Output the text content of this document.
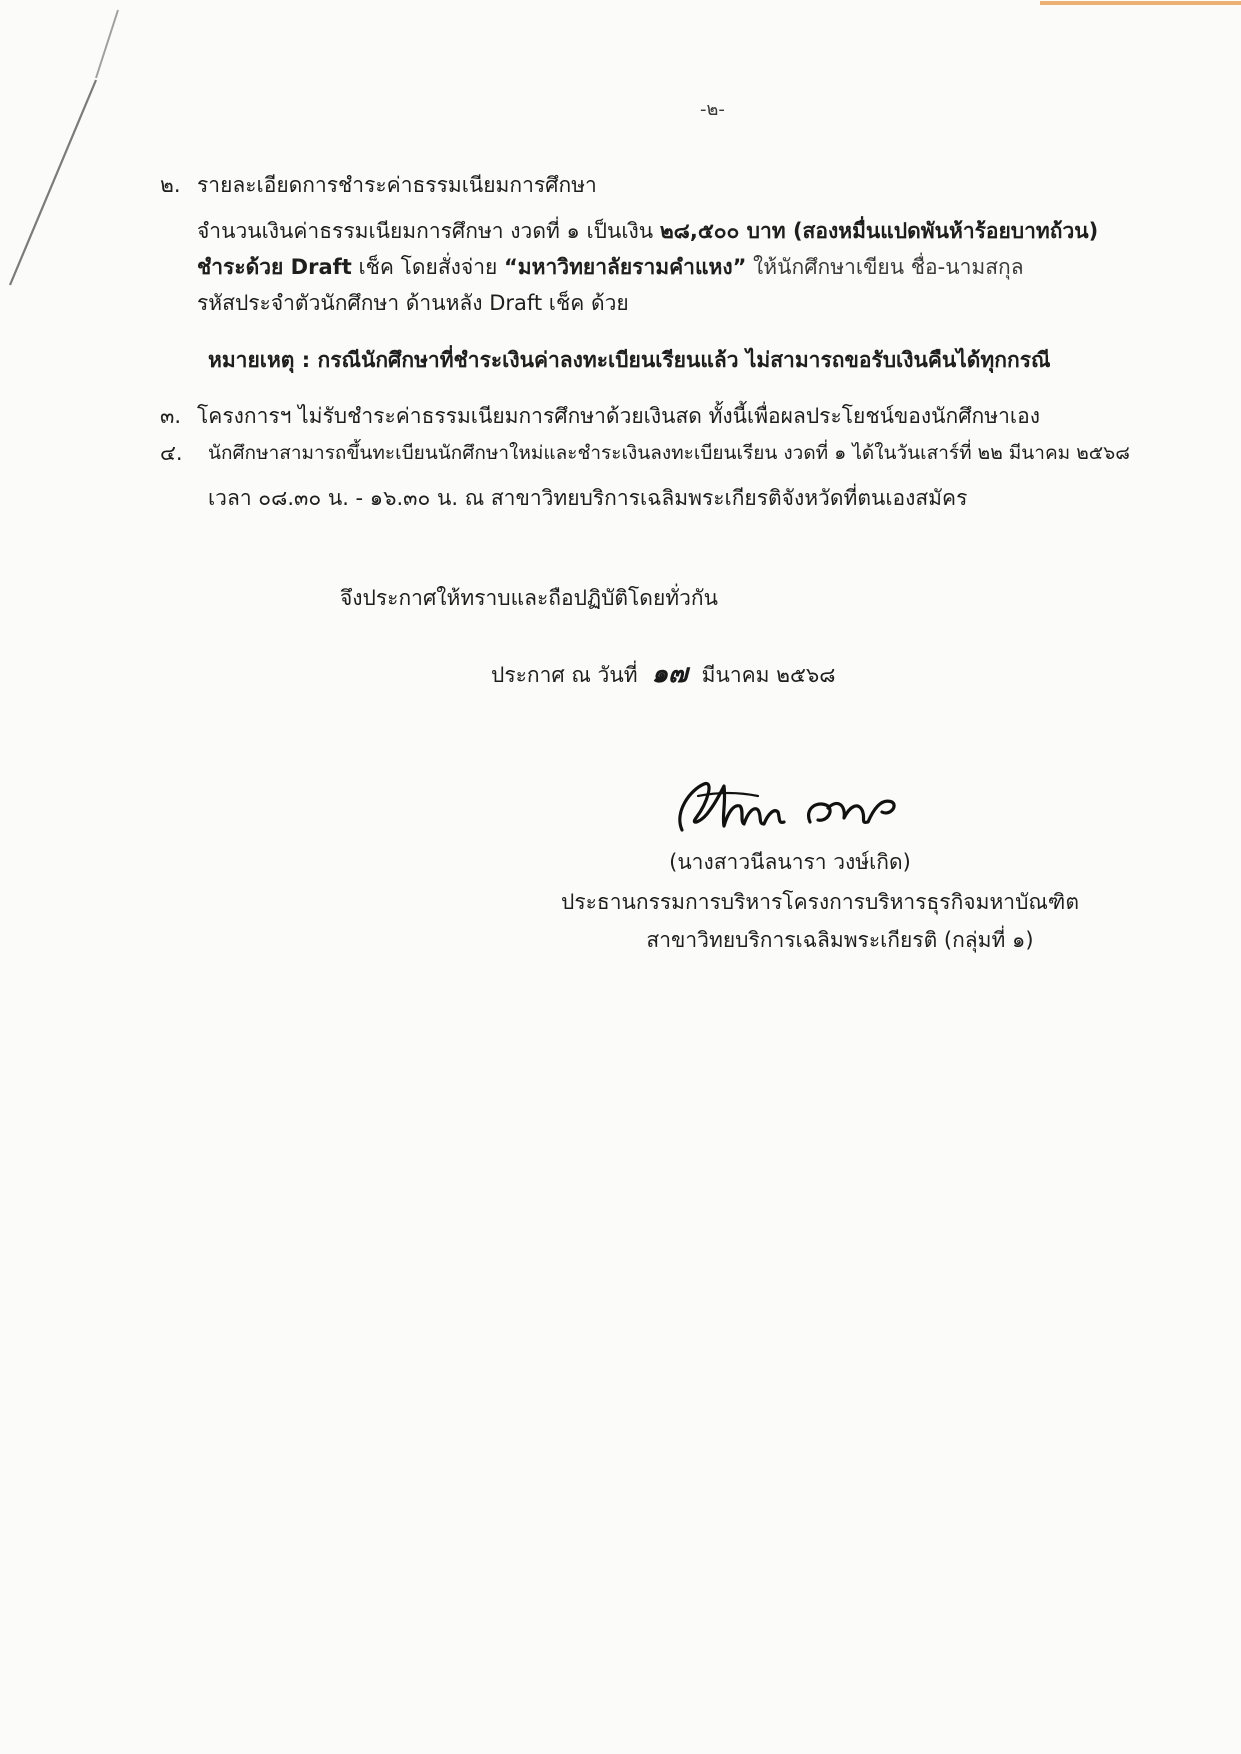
-๒-
๒. รายละเอียดการชำระค่าธรรมเนียมการศึกษา
จำนวนเงินค่าธรรมเนียมการศึกษา งวดที่ ๑ เป็นเงิน ๒๘,๕๐๐ บาท (สองหมื่นแปดพันห้าร้อยบาทถ้วน)
ชำระด้วย Draft เช็ค โดยสั่งจ่าย “มหาวิทยาลัยรามคำแหง” ให้นักศึกษาเขียน ชื่อ-นามสกุล
รหัสประจำตัวนักศึกษา ด้านหลัง Draft เช็ค ด้วย
หมายเหตุ : กรณีนักศึกษาที่ชำระเงินค่าลงทะเบียนเรียนแล้ว ไม่สามารถขอรับเงินคืนได้ทุกกรณี
๓. โครงการฯ ไม่รับชำระค่าธรรมเนียมการศึกษาด้วยเงินสด ทั้งนี้เพื่อผลประโยชน์ของนักศึกษาเอง
๔. นักศึกษาสามารถขึ้นทะเบียนนักศึกษาใหม่และชำระเงินลงทะเบียนเรียน งวดที่ ๑ ได้ในวันเสาร์ที่ ๒๒ มีนาคม ๒๕๖๘
เวลา ๐๘.๓๐ น. - ๑๖.๓๐ น. ณ สาขาวิทยบริการเฉลิมพระเกียรติจังหวัดที่ตนเองสมัคร
จึงประกาศให้ทราบและถือปฏิบัติโดยทั่วกัน
ประกาศ ณ วันที่ ๑๗ มีนาคม ๒๕๖๘
(นางสาวนีลนารา วงษ์เกิด)
ประธานกรรมการบริหารโครงการบริหารธุรกิจมหาบัณฑิต
สาขาวิทยบริการเฉลิมพระเกียรติ (กลุ่มที่ ๑)
